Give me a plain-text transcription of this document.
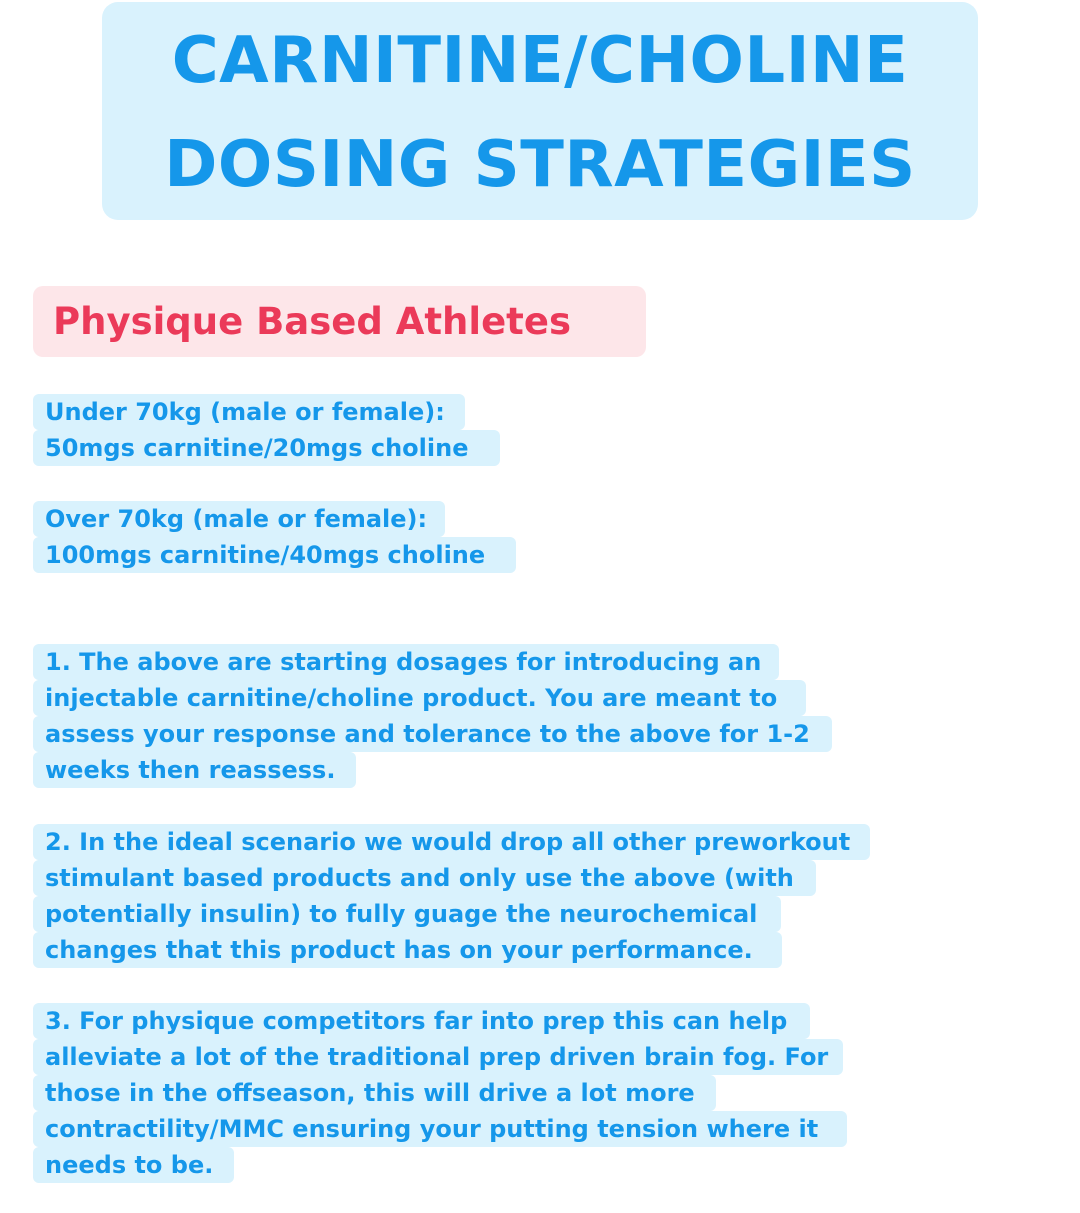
CARNITINE/CHOLINE
DOSING STRATEGIES
Physique Based Athletes
Under 70kg (male or female):
50mgs carnitine/20mgs choline
Over 70kg (male or female):
100mgs carnitine/40mgs choline
1. The above are starting dosages for introducing an
injectable carnitine/choline product. You are meant to
assess your response and tolerance to the above for 1-2
weeks then reassess.
2. In the ideal scenario we would drop all other preworkout
stimulant based products and only use the above (with
potentially insulin) to fully guage the neurochemical
changes that this product has on your performance.
3. For physique competitors far into prep this can help
alleviate a lot of the traditional prep driven brain fog. For
those in the offseason, this will drive a lot more
contractility/MMC ensuring your putting tension where it
needs to be.
